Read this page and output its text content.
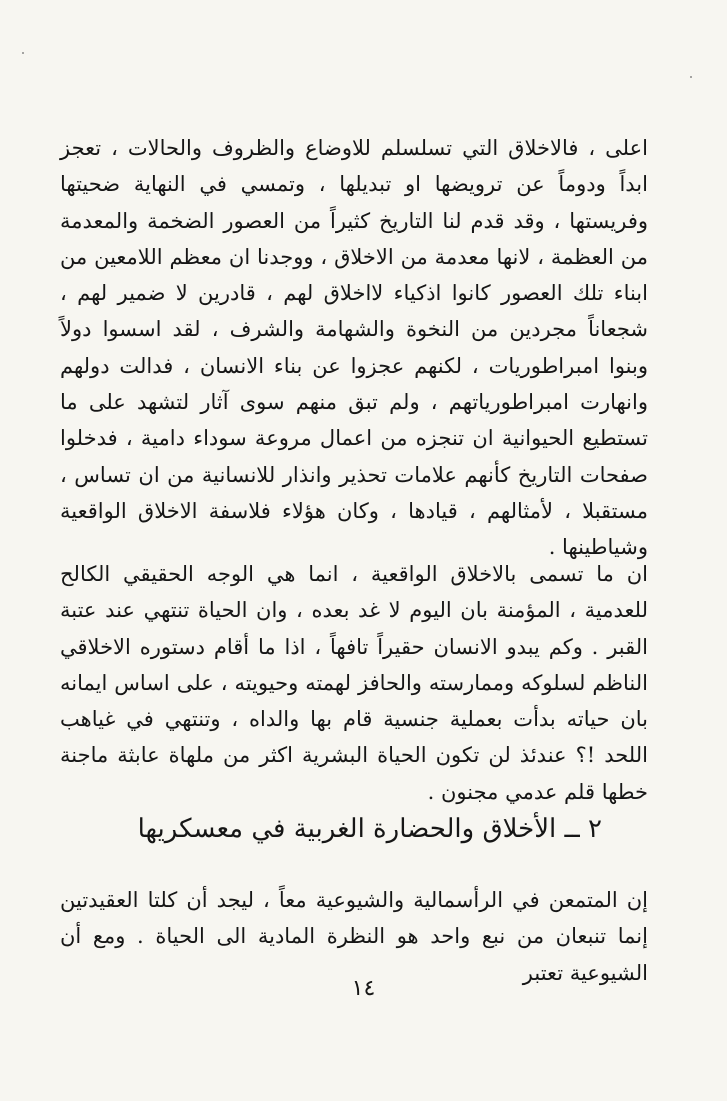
اعلى ، فالاخلاق التي تسلسلم للاوضاع والظروف والحالات ، تعجز ابداً ودوماً عن ترويضها او تبديلها ، وتمسي في النهاية ضحيتها وفريستها ، وقد قدم لنا التاريخ كثيراً من العصور الضخمة والمعدمة من العظمة ، لانها معدمة من الاخلاق ، ووجدنا ان معظم اللامعين من ابناء تلك العصور كانوا اذكياء لااخلاق لهم ، قادرين لا ضمير لهم ، شجعاناً مجردين من النخوة والشهامة والشرف ، لقد اسسوا دولاً وبنوا امبراطوريات ، لكنهم عجزوا عن بناء الانسان ، فدالت دولهم وانهارت امبراطورياتهم ، ولم تبق منهم سوى آثار لتشهد على ما تستطيع الحيوانية ان تنجزه من اعمال مروعة سوداء دامية ، فدخلوا صفحات التاريخ كأنهم علامات تحذير وانذار للانسانية من ان تساس ، مستقبلا ، لأمثالهم ، قيادها ، وكان هؤلاء فلاسفة الاخلاق الواقعية وشياطينها .

ان ما تسمى بالاخلاق الواقعية ، انما هي الوجه الحقيقي الكالح للعدمية ، المؤمنة بان اليوم لا غد بعده ، وان الحياة تنتهي عند عتبة القبر . وكم يبدو الانسان حقيراً تافهاً ، اذا ما أقام دستوره الاخلاقي الناظم لسلوكه وممارسته والحافز لهمته وحيويته ، على اساس ايمانه بان حياته بدأت بعملية جنسية قام بها والداه ، وتنتهي في غياهب اللحد !؟ عندئذ لن تكون الحياة البشرية اكثر من ملهاة عابثة ماجنة خطها قلم عدمي مجنون .

٢ ــ الأخلاق والحضارة الغربية في معسكريها

إن المتمعن في الرأسمالية والشيوعية معاً ، ليجد أن كلتا العقيدتين إنما تنبعان من نبع واحد هو النظرة المادية الى الحياة . ومع أن الشيوعية تعتبر

١٤
